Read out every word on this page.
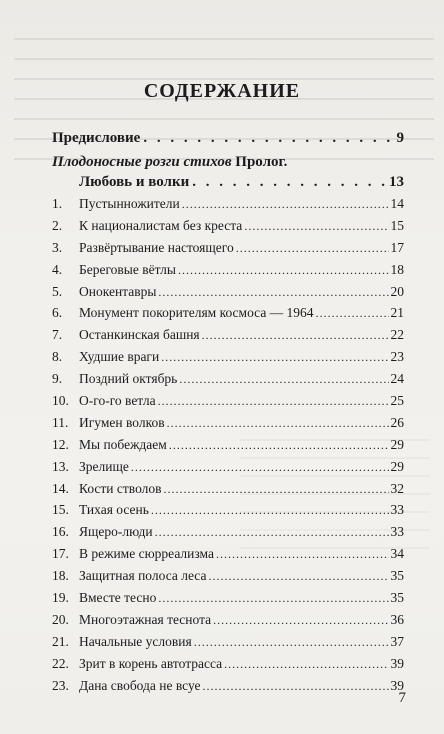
СОДЕРЖАНИЕ
Предисловие . . .	9
Плодоносные розги стихов Пролог.
Любовь и волки . . .	13
1.	Пустынножители .....	14
2.	К националистам без креста .....	15
3.	Развёртывание настоящего .....	17
4.	Береговые вётлы .....	18
5.	Онокентавры .....	20
6.	Монумент покорителям космоса — 1964 .....	21
7.	Останкинская башня .....	22
8.	Худшие враги .....	23
9.	Поздний октябрь .....	24
10. О-го-го ветла .....	25
11. Игумен волков .....	26
12. Мы побеждаем .....	29
13. Зрелище .....	29
14. Кости стволов .....	32
15. Тихая осень .....	33
16. Ящеро-люди .....	33
17. В режиме сюрреализма .....	34
18. Защитная полоса леса .....	35
19. Вместе тесно .....	35
20. Многоэтажная теснота .....	36
21. Начальные условия .....	37
22. Зрит в корень автотрасса .....	39
23. Дана свобода не всуе .....	39
7
